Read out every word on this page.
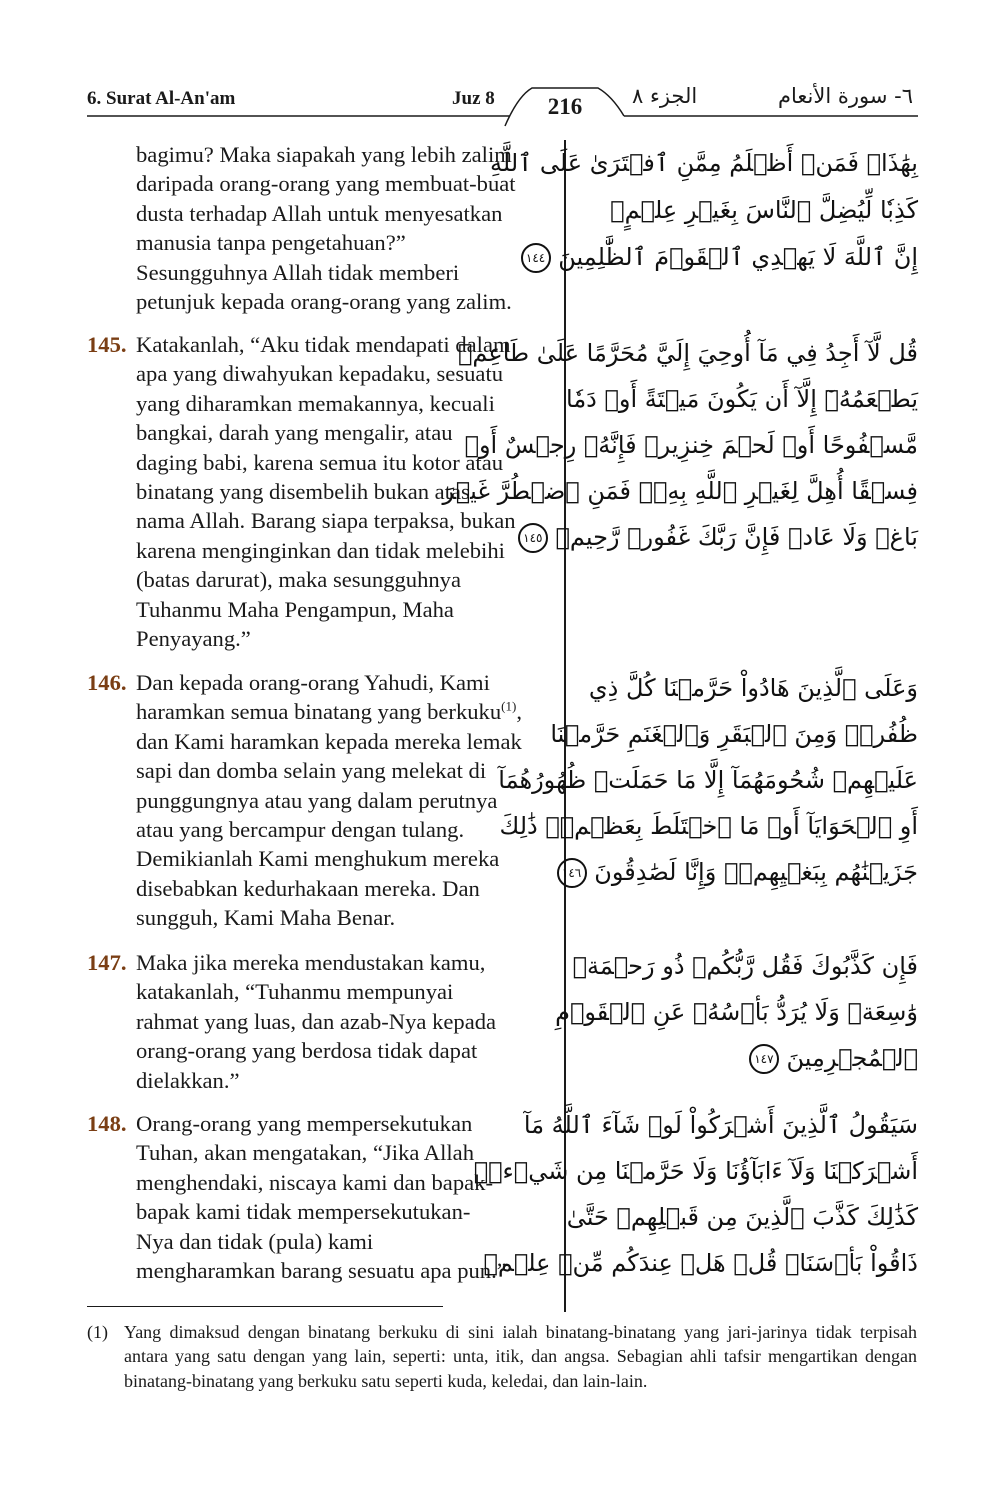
6. Surat Al-An'am	Juz 8	216	الجزء ٨	٦- سورة الأنعام
bagimu? Maka siapakah yang lebih zalim
daripada orang-orang yang membuat-buat
dusta terhadap Allah untuk menyesatkan
manusia tanpa pengetahuan?”
Sesungguhnya Allah tidak memberi
petunjuk kepada orang-orang yang zalim.
145. Katakanlah, “Aku tidak mendapati dalam
apa yang diwahyukan kepadaku, sesuatu
yang diharamkan memakannya, kecuali
bangkai, darah yang mengalir, atau
daging babi, karena semua itu kotor atau
binatang yang disembelih bukan atas
nama Allah. Barang siapa terpaksa, bukan
karena menginginkan dan tidak melebihi
(batas darurat), maka sesungguhnya
Tuhanmu Maha Pengampun, Maha
Penyayang.”
146. Dan kepada orang-orang Yahudi, Kami
haramkan semua binatang yang berkuku$^{(1)}$,
dan Kami haramkan kepada mereka lemak
sapi dan domba selain yang melekat di
punggungnya atau yang dalam perutnya
atau yang bercampur dengan tulang.
Demikianlah Kami menghukum mereka
disebabkan kedurhakaan mereka. Dan
sungguh, Kami Maha Benar.
147. Maka jika mereka mendustakan kamu,
katakanlah, “Tuhanmu mempunyai
rahmat yang luas, dan azab-Nya kepada
orang-orang yang berdosa tidak dapat
dielakkan.”
148. Orang-orang yang mempersekutukan
Tuhan, akan mengatakan, “Jika Allah
menghendaki, niscaya kami dan bapak-
bapak kami tidak mempersekutukan-
Nya dan tidak (pula) kami
mengharamkan barang sesuatu apa pun.”
بِهَٰذَاۚ فَمَنۡ أَظۡلَمُ مِمَّنِ ٱفۡتَرَىٰ عَلَى ٱللَّهِ
كَذِبٗا لِّيُضِلَّ ٱلنَّاسَ بِغَيۡرِ عِلۡمٍۚ
إِنَّ ٱللَّهَ لَا يَهۡدِي ٱلۡقَوۡمَ ٱلظَّٰلِمِينَ ١٤٤
قُل لَّآ أَجِدُ فِي مَآ أُوحِيَ إِلَيَّ مُحَرَّمًا عَلَىٰ طَاعِمٖ
يَطۡعَمُهُۥٓ إِلَّآ أَن يَكُونَ مَيۡتَةً أَوۡ دَمٗا
مَّسۡفُوحًا أَوۡ لَحۡمَ خِنزِيرٖ فَإِنَّهُۥ رِجۡسٌ أَوۡ
فِسۡقًا أُهِلَّ لِغَيۡرِ ٱللَّهِ بِهِۦۚ فَمَنِ ٱضۡطُرَّ غَيۡرَ
بَاغٖ وَلَا عَادٖ فَإِنَّ رَبَّكَ غَفُورٞ رَّحِيمٞ ١٤٥
وَعَلَى ٱلَّذِينَ هَادُواْ حَرَّمۡنَا كُلَّ ذِي
ظُفُرٖۖ وَمِنَ ٱلۡبَقَرِ وَٱلۡغَنَمِ حَرَّمۡنَا
عَلَيۡهِمۡ شُحُومَهُمَآ إِلَّا مَا حَمَلَتۡ ظُهُورُهُمَآ
أَوِ ٱلۡحَوَايَآ أَوۡ مَا ٱخۡتَلَطَ بِعَظۡمٖۚ ذَٰلِكَ
جَزَيۡنَٰهُم بِبَغۡيِهِمۡۖ وَإِنَّا لَصَٰدِقُونَ ١٤٦
فَإِن كَذَّبُوكَ فَقُل رَّبُّكُمۡ ذُو رَحۡمَةٖ
وَٰسِعَةٖ وَلَا يُرَدُّ بَأۡسُهُۥ عَنِ ٱلۡقَوۡمِ
ٱلۡمُجۡرِمِينَ ١٤٧
سَيَقُولُ ٱلَّذِينَ أَشۡرَكُواْ لَوۡ شَآءَ ٱللَّهُ مَآ
أَشۡرَكۡنَا وَلَآ ءَابَآؤُنَا وَلَا حَرَّمۡنَا مِن شَيۡءٖۚ
كَذَٰلِكَ كَذَّبَ ٱلَّذِينَ مِن قَبۡلِهِمۡ حَتَّىٰ
ذَاقُواْ بَأۡسَنَاۗ قُلۡ هَلۡ عِندَكُم مِّنۡ عِلۡمٖ
(1) Yang dimaksud dengan binatang berkuku di sini ialah binatang-binatang yang jari-jarinya tidak terpisah antara yang satu dengan yang lain, seperti: unta, itik, dan angsa. Sebagian ahli tafsir mengartikan dengan binatang-binatang yang berkuku satu seperti kuda, keledai, dan lain-lain.
